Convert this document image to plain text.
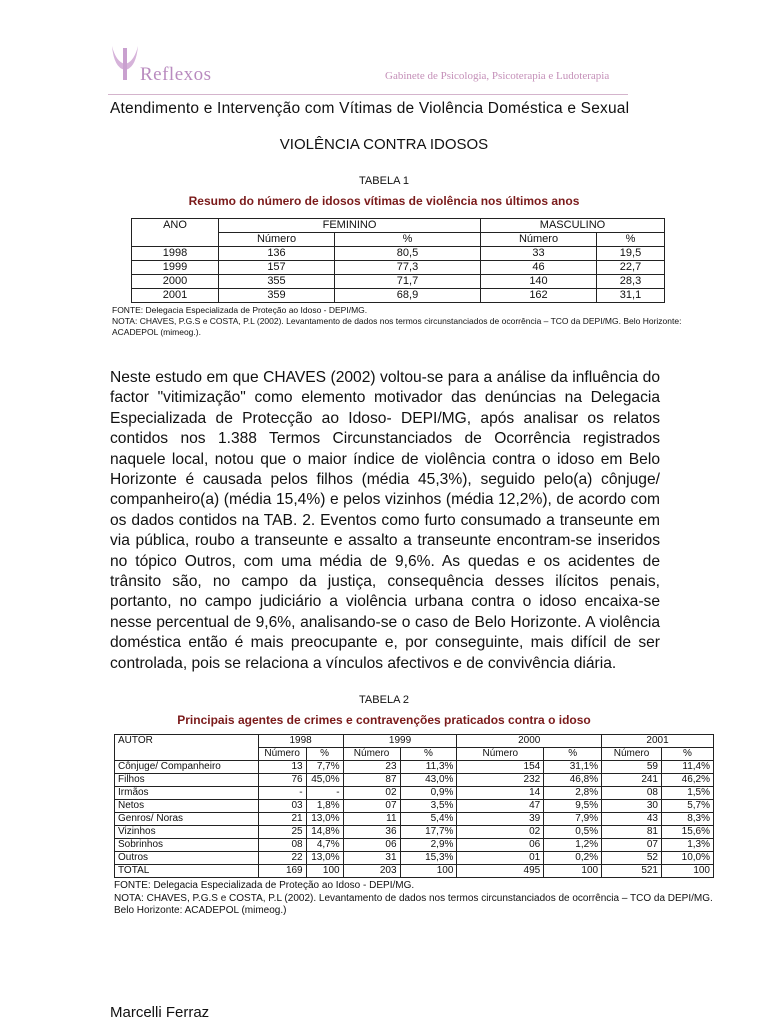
Reflexos	Gabinete de Psicologia, Psicoterapia e Ludoterapia
Atendimento e Intervenção com Vítimas de Violência Doméstica e Sexual
VIOLÊNCIA CONTRA IDOSOS
TABELA 1
Resumo do número de idosos vítimas de violência nos últimos anos
ANO	FEMININO		MASCULINO	
	Número	%	Número	%
1998	136	80,5	33	19,5
1999	157	77,3	46	22,7
2000	355	71,7	140	28,3
2001	359	68,9	162	31,1
FONTE: Delegacia Especializada de Proteção ao Idoso - DEPI/MG.
NOTA: CHAVES, P.G.S e COSTA, P.L (2002). Levantamento de dados nos termos circunstanciados de ocorrência – TCO da DEPI/MG. Belo Horizonte: ACADEPOL (mimeog.).
Neste estudo em que CHAVES (2002) voltou-se para a análise da influência do factor "vitimização" como elemento motivador das denúncias na Delegacia Especializada de Protecção ao Idoso- DEPI/MG, após analisar os relatos contidos nos 1.388 Termos Circunstanciados de Ocorrência registrados naquele local, notou que o maior índice de violência contra o idoso em Belo Horizonte é causada pelos filhos (média 45,3%), seguido pelo(a) cônjuge/ companheiro(a) (média 15,4%) e pelos vizinhos (média 12,2%), de acordo com os dados contidos na TAB. 2. Eventos como furto consumado a transeunte em via pública, roubo a transeunte e assalto a transeunte encontram-se inseridos no tópico Outros, com uma média de 9,6%. As quedas e os acidentes de trânsito são, no campo da justiça, consequência desses ilícitos penais, portanto, no campo judiciário a violência urbana contra o idoso encaixa-se nesse percentual de 9,6%, analisando-se o caso de Belo Horizonte. A violência doméstica então é mais preocupante e, por conseguinte, mais difícil de ser controlada, pois se relaciona a vínculos afectivos e de convivência diária.
TABELA 2
Principais agentes de crimes e contravenções praticados contra o idoso
AUTOR	1998		1999		2000		2001	
	Número	%	Número	%	Número	%	Número	%
Cônjuge/ Companheiro	13	7,7%	23	11,3%	154	31,1%	59	11,4%
Filhos	76	45,0%	87	43,0%	232	46,8%	241	46,2%
Irmãos	-	-	02	0,9%	14	2,8%	08	1,5%
Netos	03	1,8%	07	3,5%	47	9,5%	30	5,7%
Genros/ Noras	21	13,0%	11	5,4%	39	7,9%	43	8,3%
Vizinhos	25	14,8%	36	17,7%	02	0,5%	81	15,6%
Sobrinhos	08	4,7%	06	2,9%	06	1,2%	07	1,3%
Outros	22	13,0%	31	15,3%	01	0,2%	52	10,0%
TOTAL	169	100	203	100	495	100	521	100
FONTE: Delegacia Especializada de Proteção ao Idoso - DEPI/MG.
NOTA: CHAVES, P.G.S e COSTA, P.L (2002). Levantamento de dados nos termos circunstanciados de ocorrência – TCO da DEPI/MG. Belo Horizonte: ACADEPOL (mimeog.)
Marcelli Ferraz
